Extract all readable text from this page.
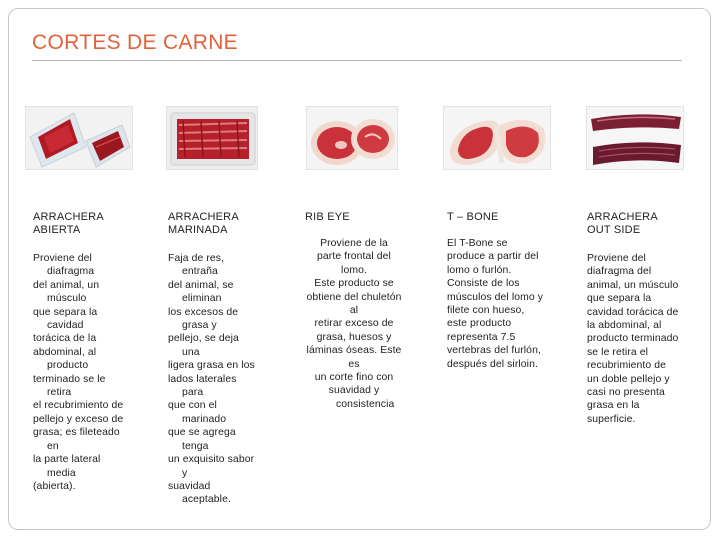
CORTES DE CARNE
ARRACHERA
ABIERTA
Proviene del
diafragma
del animal, un
músculo
que separa la
cavidad
torácica de la
abdominal, al
producto
terminado se le
retira
el recubrimiento de
pellejo y exceso de
grasa; es fileteado
en
la parte lateral
media
(abierta).
ARRACHERA
MARINADA
Faja de res,
entraña
del animal, se
eliminan
los excesos de
grasa y
pellejo, se deja
una
ligera grasa en los
lados laterales
para
que con el
marinado
que se agrega
tenga
un exquisito sabor
y
suavidad
aceptable.
RIB EYE
Proviene de la
parte frontal del
lomo.
Este producto se
obtiene del chuletón
al
retirar exceso de
grasa, huesos y
láminas óseas. Este
es
un corte fino con
suavidad y
consistencia
T – BONE
El T-Bone se
produce a partir del
lomo o furlón.
Consiste de los
músculos del lomo y
filete con hueso,
este producto
representa 7.5
vertebras del furlón,
después del sirloin.
ARRACHERA
OUT SIDE
Proviene del
diafragma del
animal, un músculo
que separa la
cavidad torácica de
la abdominal, al
producto terminado
se le retira el
recubrimiento de
un doble pellejo y
casi no presenta
grasa en la
superficie.
